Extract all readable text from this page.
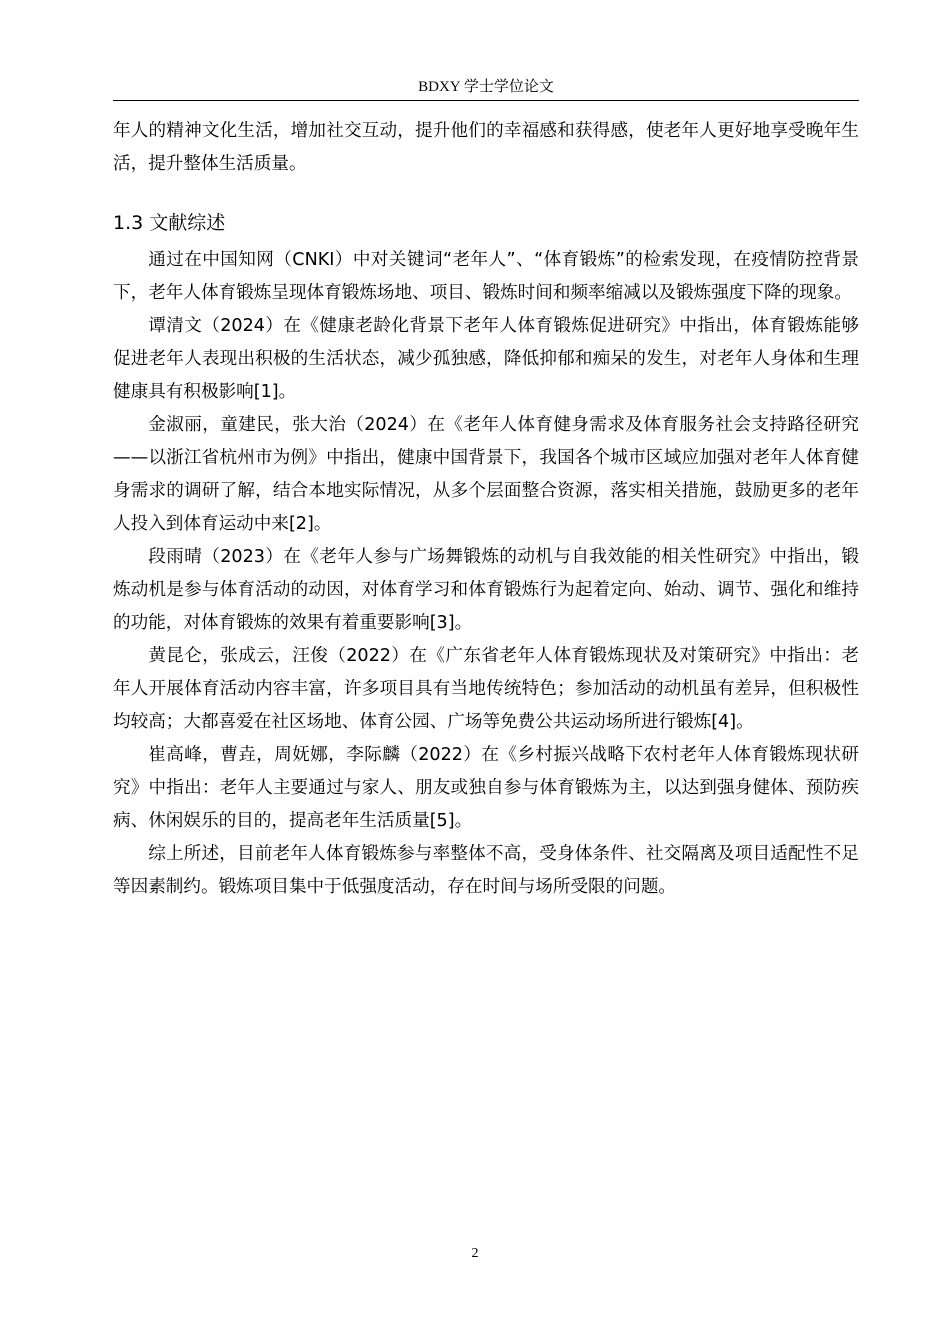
BDXY 学士学位论文

年人的精神文化生活，增加社交互动，提升他们的幸福感和获得感，使老年人更好地享受晚年生活，提升整体生活质量。

1.3 文献综述

通过在中国知网（CNKI）中对关键词“老年人”、“体育锻炼”的检索发现，在疫情防控背景下，老年人体育锻炼呈现体育锻炼场地、项目、锻炼时间和频率缩减以及锻炼强度下降的现象。

谭清文（2024）在《健康老龄化背景下老年人体育锻炼促进研究》中指出，体育锻炼能够促进老年人表现出积极的生活状态，减少孤独感，降低抑郁和痴呆的发生，对老年人身体和生理健康具有积极影响[1]。

金淑丽，童建民，张大治（2024）在《老年人体育健身需求及体育服务社会支持路径研究——以浙江省杭州市为例》中指出，健康中国背景下，我国各个城市区域应加强对老年人体育健身需求的调研了解，结合本地实际情况，从多个层面整合资源，落实相关措施，鼓励更多的老年人投入到体育运动中来[2]。

段雨晴（2023）在《老年人参与广场舞锻炼的动机与自我效能的相关性研究》中指出，锻炼动机是参与体育活动的动因，对体育学习和体育锻炼行为起着定向、始动、调节、强化和维持的功能，对体育锻炼的效果有着重要影响[3]。

黄昆仑，张成云，汪俊（2022）在《广东省老年人体育锻炼现状及对策研究》中指出：老年人开展体育活动内容丰富，许多项目具有当地传统特色；参加活动的动机虽有差异，但积极性均较高；大都喜爱在社区场地、体育公园、广场等免费公共运动场所进行锻炼[4]。

崔高峰，曹垚，周妩娜，李际麟（2022）在《乡村振兴战略下农村老年人体育锻炼现状研究》中指出：老年人主要通过与家人、朋友或独自参与体育锻炼为主，以达到强身健体、预防疾病、休闲娱乐的目的，提高老年生活质量[5]。

综上所述，目前老年人体育锻炼参与率整体不高，受身体条件、社交隔离及项目适配性不足等因素制约。锻炼项目集中于低强度活动，存在时间与场所受限的问题。

2
